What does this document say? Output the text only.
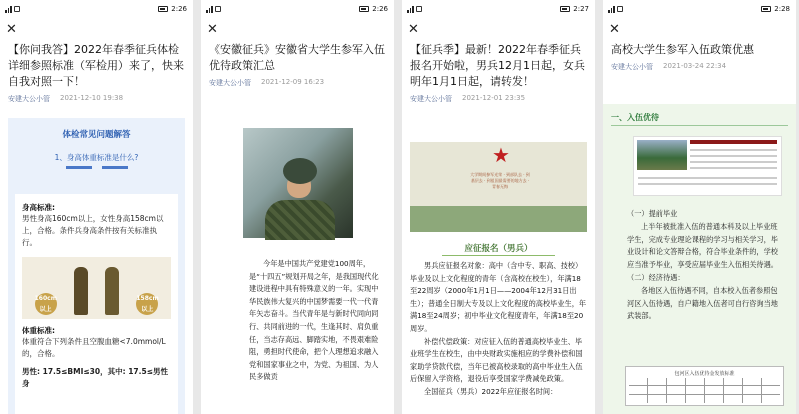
2:26
✕
【你问我答】2022年春季征兵体检详细参照标准（军检用）来了，快来自我对照一下！
安建大公小管 2021-12-10 19:38
体检常见问题解答
1、身高体重标准是什么?
身高标准:
男性身高160cm以上，女性身高158cm以上，合格。条件兵身高条件按有关标准执行。
160cm以上
158cm以上
体重标准:
体重符合下列条件且空腹血糖<7.0mmol/L的，合格。
男性: 17.5≤BMI≤30，其中: 17.5≤男性身
2:26
✕
《安徽征兵》安徽省大学生参军入伍优待政策汇总
安建大公小管 2021-12-09 16:23
今年是中国共产党建党100周年，是“十四五”规划开局之年，是我国现代化建设进程中具有特殊意义的一年。实现中华民族伟大复兴的中国梦需要一代一代青年矢志奋斗。当代青年是与新时代同向同行、共同前进的一代，生逢其时、肩负重任，当志存高远、脚踏实地，不畏艰难险阻，勇担时代使命，把个人理想追求融入党和国家事业之中，为党、为祖国、为人民多做贡
2:27
✕
【征兵季】最新！2022年春季征兵报名开始啦，男兵12月1日起，女兵明年1月1日起，请转发！
安建大公小管 2021-12-01 23:35
★
大学期间参军光荣 · 到部队去 · 到基层去 · 到祖国最需要的地方去 · 青春无悔
应征报名（男兵）
男兵应征报名对象：高中（含中专、职高、技校）毕业及以上文化程度的青年（含高校在校生），年满18至22周岁（2000年1月1日——2004年12月31日出生）；普通全日制大专及以上文化程度的高校毕业生，年满18至24周岁；初中毕业文化程度青年，年满18至20周岁。
补偿代偿政策：对应征入伍的普通高校毕业生、毕业班学生在校生，由中央财政实施相应的学费补偿和国家助学贷款代偿，当年已被高校录取的高中毕业生入伍后保留入学资格，退役后享受国家学费减免政策。
全国征兵（男兵）2022年应征报名时间：
2:28
✕
高校大学生参军入伍政策优惠
安建大公小管 2021-03-24 22:34
一、入伍优待
（一）提前毕业
上半年被批准入伍的普通本科及以上毕业班学生，完成专业理论课程的学习与相关学习，毕业设计和论文答辩合格，符合毕业条件的，学校应当准予毕业，享受应届毕业生入伍相关待遇。
（二）经济待遇：
各地区入伍待遇不同，自本校入伍者参照包河区入伍待遇，自户籍地入伍者可自行咨询当地武装部。
包河区入伍优待金发放标准
